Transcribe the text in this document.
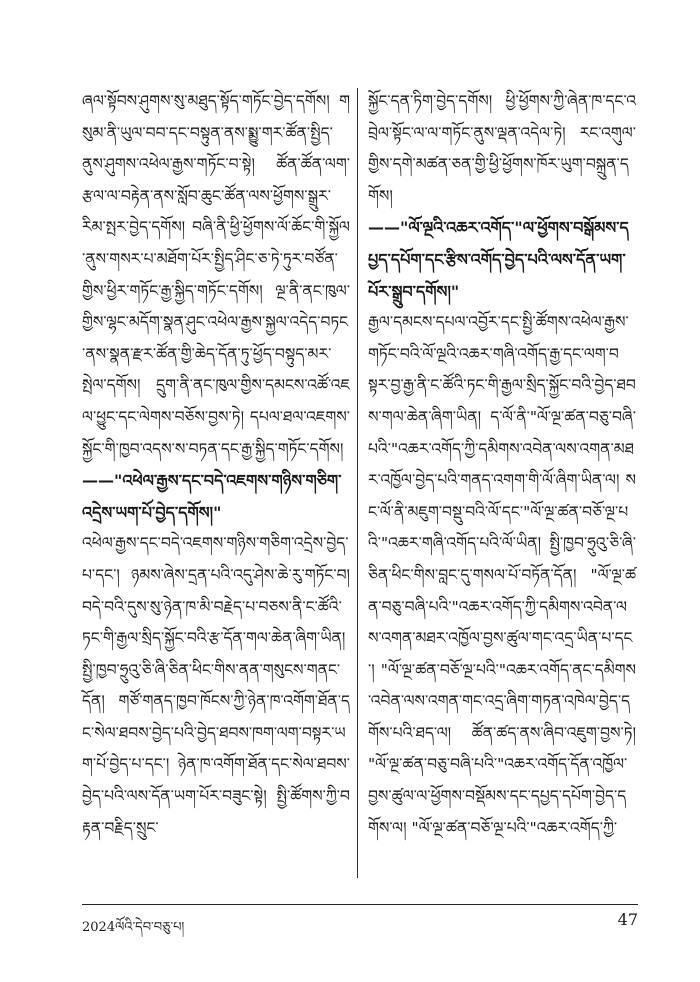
ཞལ་སྟོབས་ཤུགས་སུ་མཐུད་སྟོད་གཏོང་བྱེད་དགོས། གསུམ་ནི་ཡུལ་བབ་དང་བསྟུན་ནས་སྨྱུ་གར་ཚོན་སྤྱིད་ནུས་ཤུགས་འཕེལ་རྒྱས་གཏོང་བ་སྟེ། ཚོན་ཚོན་ལག་རྩལ་ལ་བརྟེན་ནས་སློབ་ཆུང་ཚོན་ལས་ཕྱོགས་སྒྲུར་རིམ་སྤར་བྱེད་དགོས། བཞི་ནི་ཕྱི་ཕྱོགས་ལོ་ཆོང་གི་སྐྱོལ་ནུས་གསར་པ་མཐོག་པོར་སྤྱིད་ཤིང་ཅ་ཏེ་ཏུར་བཙོན་གྱིས་ཕྱིར་གཏོང་རྒྱ་སྐྱིད་གཏོང་དགོས། ལྔ་ནི་ནང་ཁུལ་གྱིས་ལྷང་མདོག་སྣན་ཤུང་འཕེལ་རྒྱས་སྐྱལ་འདེད་བཏང་ནས་སྣན་རྫར་ཚོན་གྱི་ཆེད་དོན་ཏུ་ཕྱོད་བསྟུད་མར་སྤེལ་དགོས། དྲུག་ནི་ནང་ཁུལ་གྱིས་དམངས་འཚོ་འཇལ་ཕྱུང་དང་ལེགས་བཅོས་བྱས་ཏེ། དཔལ་ཐལ་འཇགས་སྐྱོང་གི་ཁྱབ་འདས་ས་བཏན་དང་རྒྱ་སྐྱིད་གཏོང་དགོས།

——"འཕེལ་རྒྱས་དང་བདེ་འཇགས་གཉིས་གཅིག་འདྲེས་ཡག་པོ་བྱེད་དགོས།"

འཕེལ་རྒྱས་དང་བདེ་འཇགས་གཉིས་གཅིག་འདྲེས་བྱེད་པ་དང་། ཉམས་ཞེས་དྲན་པའི་འདུ་ཤེས་ཆེ་རུ་གཏོང་བ། བདེ་བའི་དུས་སུ་ཉེན་ཁ་མི་བརྗེད་པ་བཅས་ནི་ང་ཚོའི་ཏང་གི་རྒྱལ་སྲིད་སྐྱོང་བའི་རྩ་དོན་གལ་ཆེན་ཞིག་ཡིན། སྤྱི་ཁྱབ་ཧྲུའུ་ཅི་ཞི་ཅིན་ཕིང་གིས་ནན་གསུངས་གནང་དོན། གཙོ་གནད་ཁྱབ་ཁོངས་ཀྱི་ཉེན་ཁ་འགོག་ཐོན་དང་སེལ་ཐབས་བྱེད་པའི་བྱེད་ཐབས་ཁག་ལག་བསྟར་ཡག་པོ་བྱེད་པ་དང་། ཉེན་ཁ་འགོག་ཐོན་དང་སེལ་ཐབས་བྱེད་པའི་ལས་དོན་ཡག་པོར་བཟུང་སྟེ། སྤྱི་ཚོགས་ཀྱི་བརྟན་བརྗིད་སྲུང་

སྐྱོང་དན་ཏིག་བྱེད་དགོས། ཕྱི་ཕྱོགས་ཀྱི་ཞེན་ཁ་དང་འབྲེལ་སྟོང་ལ་ལ་གཏོང་ནུས་ལྡན་འདེལ་ཏེ། རང་འགུལ་གྱིས་དགེ་མཚན་ཅན་གྱི་ཕྱི་ཕྱོགས་ཁོར་ཡུག་བསྐྲུན་དགོས།

——"ལོ་ལྔའི་འཆར་འགོད་"ལ་ཕྱོགས་བསྒོམས་དཔྱད་དཔོག་དང་རྩིས་འགོད་བྱེད་པའི་ལས་དོན་ཡག་པོར་སྒྲུབ་དགོས།"

རྒྱལ་དམངས་དཔལ་འབྱོར་དང་སྤྱི་ཚོགས་འཕེལ་རྒྱས་གཏོང་བའི་ལོ་ལྔའི་འཆར་གཞི་འགོད་རྒྱ་དང་ལག་བསྟར་བྱ་རྒྱ་ནི་ང་ཚོའི་ཏང་གི་རྒྱལ་སྲིད་སྐྱོང་བའི་བྱེད་ཐབས་གལ་ཆེན་ཞིག་ཡིན། ད་ལོ་ནི་"ལོ་ལྔ་ཚན་བཅུ་བཞི་པའི་"འཆར་འགོད་ཀྱི་དམིགས་འབེན་ལས་འགན་མཐར་འཁྱོལ་བྱེད་པའི་གནད་འགག་གི་ལོ་ཞིག་ཡིན་ལ། སང་ལོ་ནི་མཇུག་བསྡུ་བའི་ལོ་དང་"ལོ་ལྔ་ཚན་བཅོ་ལྔ་པའི་"འཆར་གཞི་འགོད་པའི་ལོ་ཡིན། སྤྱི་ཁྱབ་ཧྲུའུ་ཅི་ཞི་ཅིན་ཕིང་གིས་བླང་དུ་གསལ་པོ་བཏོན་དོན། "ལོ་ལྔ་ཚན་བཅུ་བཞི་པའི་"འཆར་འགོད་ཀྱི་དམིགས་འབེན་ལས་འགན་མཐར་འཁྱོལ་བྱས་ཚུལ་གང་འདྲ་ཡིན་པ་དང་། "ལོ་ལྔ་ཚན་བཅོ་ལྔ་པའི་"འཆར་འགོད་ནང་དམིགས་འབེན་ལས་འགན་གང་འདྲ་ཞིག་གཏན་འཁེལ་བྱེད་དགོས་པའི་ཐད་ལ། ཚོན་ཚད་ནས་ཞིབ་འཇུག་བྱས་ཏེ། "ལོ་ལྔ་ཚན་བཅུ་བཞི་པའི་"འཆར་འགོད་དོན་འཁྱོལ་བྱས་ཚུལ་ལ་ཕྱོགས་བསྡོམས་དང་དཔྱད་དཔོག་བྱེད་དགོས་ལ། "ལོ་ལྔ་ཚན་བཅོ་ལྔ་པའི་"འཆར་འགོད་ཀྱི་

2024ལོའི་དེབ་བཅུ་པ།	47
